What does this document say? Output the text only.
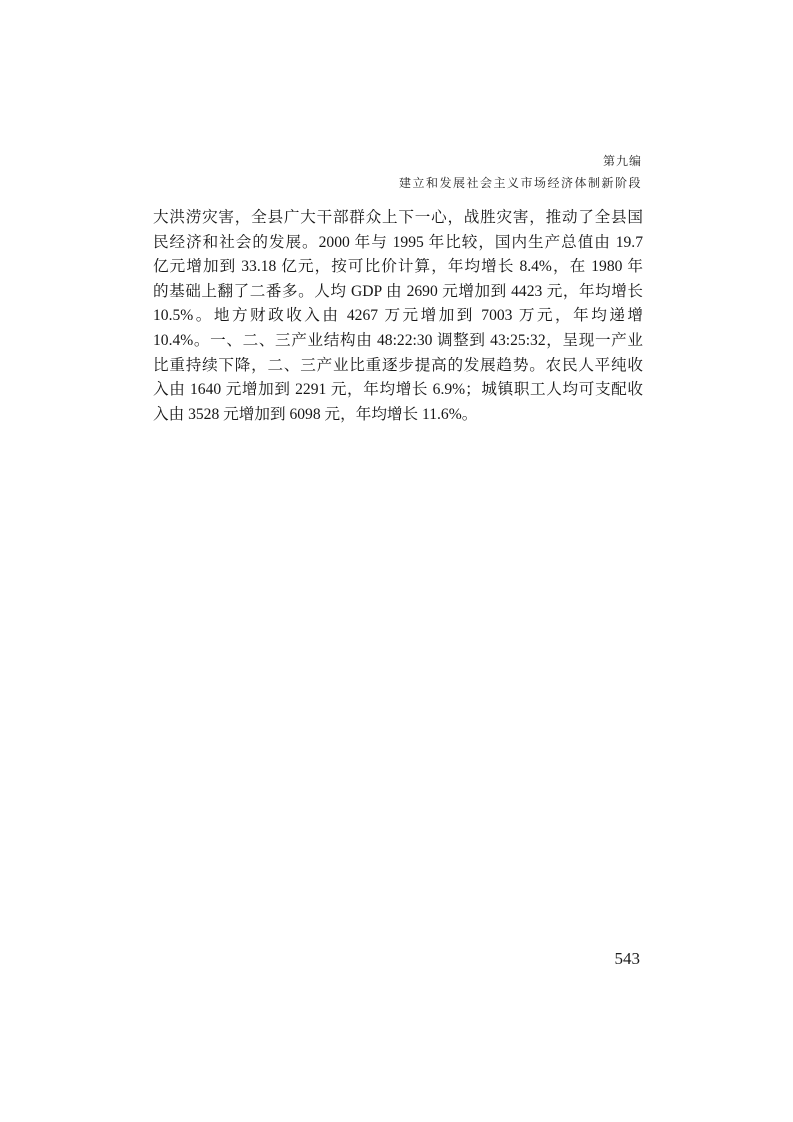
第九编
建立和发展社会主义市场经济体制新阶段
大洪涝灾害，全县广大干部群众上下一心，战胜灾害，推动了全县国
民经济和社会的发展。2000 年与 1995 年比较，国内生产总值由 19.7
亿元增加到 33.18 亿元，按可比价计算，年均增长 8.4%，在 1980 年
的基础上翻了二番多。人均 GDP 由 2690 元增加到 4423 元，年均增长
10.5%。地方财政收入由 4267 万元增加到 7003 万元，年均递增
10.4%。一、二、三产业结构由 48:22:30 调整到 43:25:32，呈现一产业
比重持续下降，二、三产业比重逐步提高的发展趋势。农民人平纯收
入由 1640 元增加到 2291 元，年均增长 6.9%；城镇职工人均可支配收
入由 3528 元增加到 6098 元，年均增长 11.6%。
543
